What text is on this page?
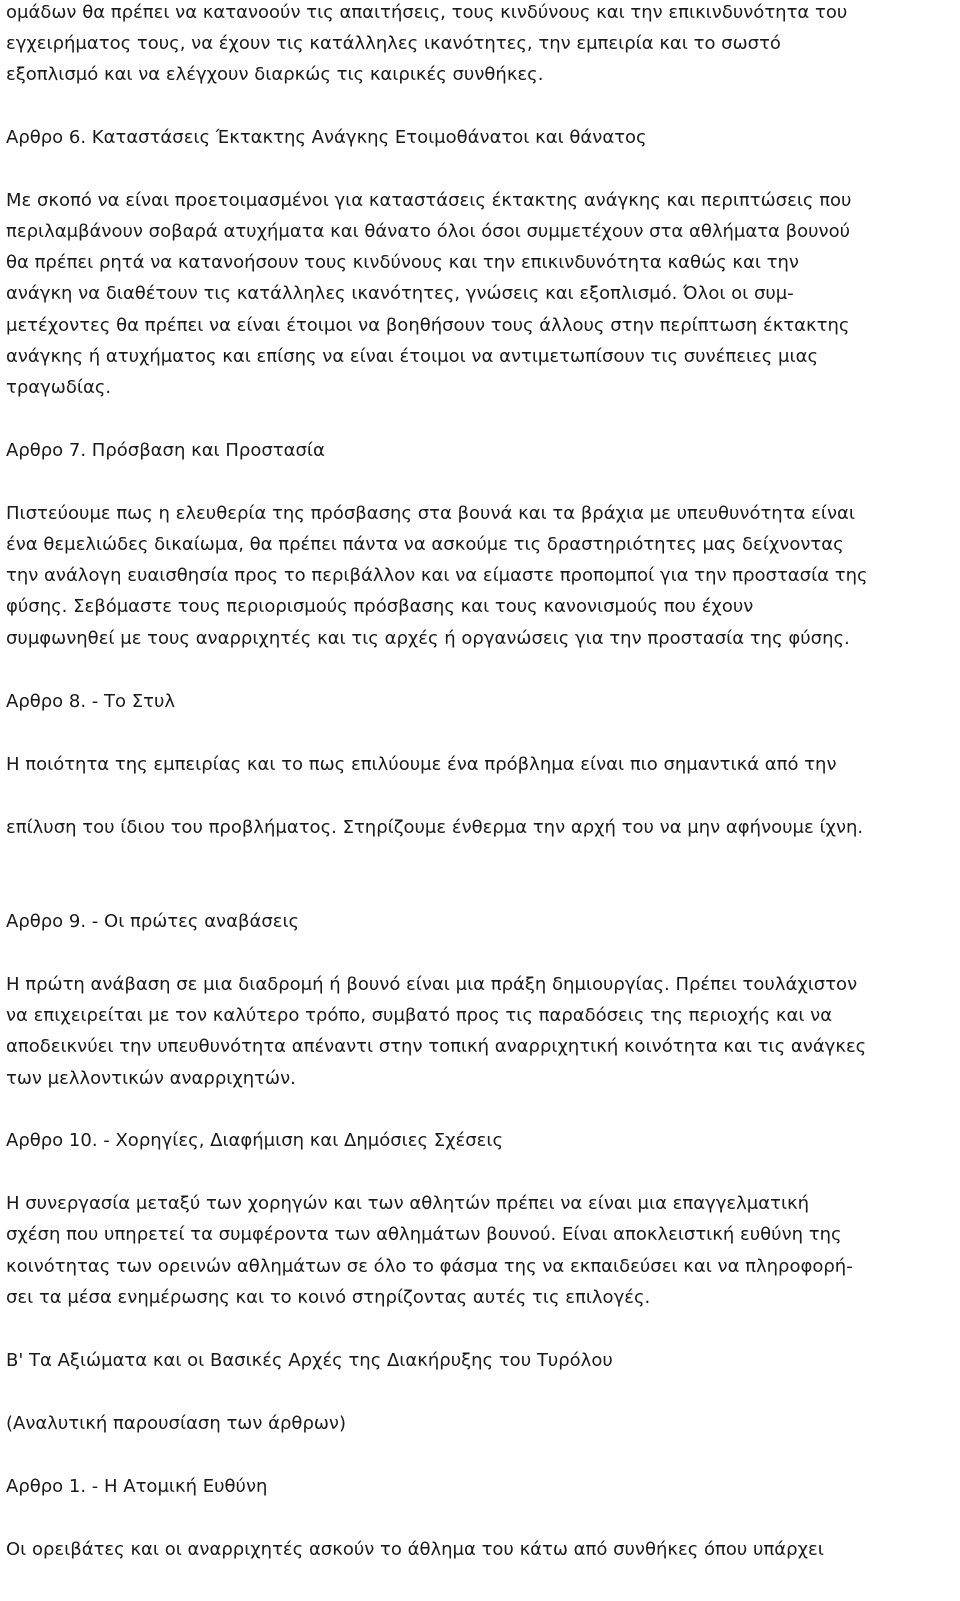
ομάδων θα πρέπει να κατανοούν τις απαιτήσεις, τους κινδύνους και την επικινδυνότητα του
εγχειρήματος τους, να έχουν τις κατάλληλες ικανότητες, την εμπειρία και το σωστό
εξοπλισμό και να ελέγχουν διαρκώς τις καιρικές συνθήκες.
Αρθρο 6. Καταστάσεις Έκτακτης Ανάγκης Ετοιμοθάνατοι και θάνατος
Με σκοπό να είναι προετοιμασμένοι για καταστάσεις έκτακτης ανάγκης και περιπτώσεις που
περιλαμβάνουν σοβαρά ατυχήματα και θάνατο όλοι όσοι συμμετέχουν στα αθλήματα βουνού
θα πρέπει ρητά να κατανοήσουν τους κινδύνους και την επικινδυνότητα καθώς και την
ανάγκη να διαθέτουν τις κατάλληλες ικανότητες, γνώσεις και εξοπλισμό. Όλοι οι συμ-
μετέχοντες θα πρέπει να είναι έτοιμοι να βοηθήσουν τους άλλους στην περίπτωση έκτακτης
ανάγκης ή ατυχήματος και επίσης να είναι έτοιμοι να αντιμετωπίσουν τις συνέπειες μιας
τραγωδίας.
Αρθρο 7. Πρόσβαση και Προστασία
Πιστεύουμε πως η ελευθερία της πρόσβασης στα βουνά και τα βράχια με υπευθυνότητα είναι
ένα θεμελιώδες δικαίωμα, θα πρέπει πάντα να ασκούμε τις δραστηριότητες μας δείχνοντας
την ανάλογη ευαισθησία προς το περιβάλλον και να είμαστε προπομποί για την προστασία της
φύσης. Σεβόμαστε τους περιορισμούς πρόσβασης και τους κανονισμούς που έχουν
συμφωνηθεί με τους αναρριχητές και τις αρχές ή οργανώσεις για την προστασία της φύσης.
Αρθρο 8. - Το Στυλ
Η ποιότητα της εμπειρίας και το πως επιλύουμε ένα πρόβλημα είναι πιο σημαντικά από την
επίλυση του ίδιου του προβλήματος. Στηρίζουμε ένθερμα την αρχή του να μην αφήνουμε ίχνη.
Αρθρο 9. - Οι πρώτες αναβάσεις
Η πρώτη ανάβαση σε μια διαδρομή ή βουνό είναι μια πράξη δημιουργίας. Πρέπει τουλάχιστον
να επιχειρείται με τον καλύτερο τρόπο, συμβατό προς τις παραδόσεις της περιοχής και να
αποδεικνύει την υπευθυνότητα απέναντι στην τοπική αναρριχητική κοινότητα και τις ανάγκες
των μελλοντικών αναρριχητών.
Αρθρο 10. - Χορηγίες, Διαφήμιση και Δημόσιες Σχέσεις
Η συνεργασία μεταξύ των χορηγών και των αθλητών πρέπει να είναι μια επαγγελματική
σχέση που υπηρετεί τα συμφέροντα των αθλημάτων βουνού. Είναι αποκλειστική ευθύνη της
κοινότητας των ορεινών αθλημάτων σε όλο το φάσμα της να εκπαιδεύσει και να πληροφορή-
σει τα μέσα ενημέρωσης και το κοινό στηρίζοντας αυτές τις επιλογές.
Β' Τα Αξιώματα και οι Βασικές Αρχές της Διακήρυξης του Τυρόλου
(Αναλυτική παρουσίαση των άρθρων)
Αρθρο 1. - Η Ατομική Ευθύνη
Οι ορειβάτες και οι αναρριχητές ασκούν το άθλημα του κάτω από συνθήκες όπου υπάρχει
